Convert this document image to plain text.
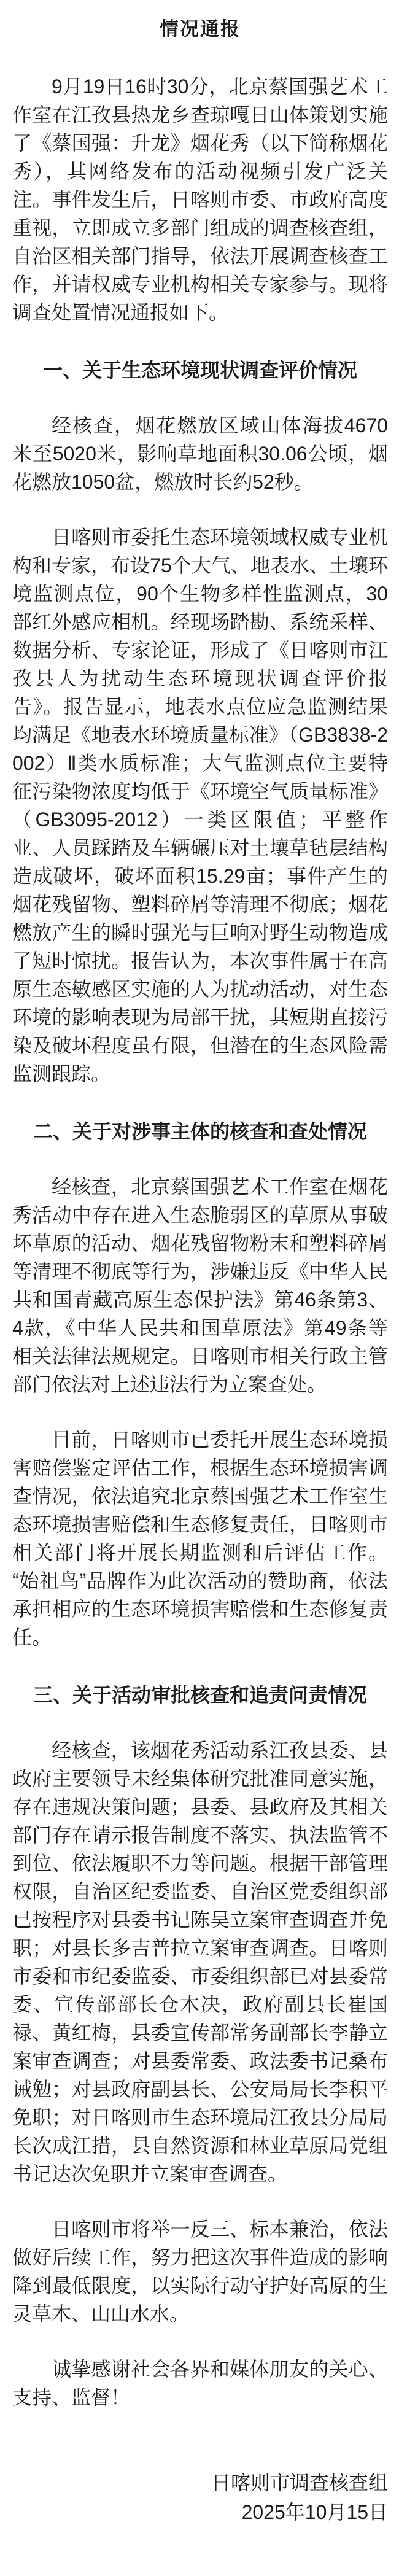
情况通报

9月19日16时30分，北京蔡国强艺术工作室在江孜县热龙乡查琼嘎日山体策划实施了《蔡国强：升龙》烟花秀（以下简称烟花秀），其网络发布的活动视频引发广泛关注。事件发生后，日喀则市委、市政府高度重视，立即成立多部门组成的调查核查组，自治区相关部门指导，依法开展调查核查工作，并请权威专业机构相关专家参与。现将调查处置情况通报如下。

一、关于生态环境现状调查评价情况

经核查，烟花燃放区域山体海拔4670米至5020米，影响草地面积30.06公顷，烟花燃放1050盆，燃放时长约52秒。

日喀则市委托生态环境领域权威专业机构和专家，布设75个大气、地表水、土壤环境监测点位，90个生物多样性监测点，30部红外感应相机。经现场踏勘、系统采样、数据分析、专家论证，形成了《日喀则市江孜县人为扰动生态环境现状调查评价报告》。报告显示，地表水点位应急监测结果均满足《地表水环境质量标准》（GB3838-2002）Ⅱ类水质标准；大气监测点位主要特征污染物浓度均低于《环境空气质量标准》（GB3095-2012）一类区限值；平整作业、人员踩踏及车辆碾压对土壤草毡层结构造成破坏，破坏面积15.29亩；事件产生的烟花残留物、塑料碎屑等清理不彻底；烟花燃放产生的瞬时强光与巨响对野生动物造成了短时惊扰。报告认为，本次事件属于在高原生态敏感区实施的人为扰动活动，对生态环境的影响表现为局部干扰，其短期直接污染及破坏程度虽有限，但潜在的生态风险需监测跟踪。

二、关于对涉事主体的核查和查处情况

经核查，北京蔡国强艺术工作室在烟花秀活动中存在进入生态脆弱区的草原从事破坏草原的活动、烟花残留物粉末和塑料碎屑等清理不彻底等行为，涉嫌违反《中华人民共和国青藏高原生态保护法》第46条第3、4款，《中华人民共和国草原法》第49条等相关法律法规规定。日喀则市相关行政主管部门依法对上述违法行为立案查处。

目前，日喀则市已委托开展生态环境损害赔偿鉴定评估工作，根据生态环境损害调查情况，依法追究北京蔡国强艺术工作室生态环境损害赔偿和生态修复责任，日喀则市相关部门将开展长期监测和后评估工作。“始祖鸟”品牌作为此次活动的赞助商，依法承担相应的生态环境损害赔偿和生态修复责任。

三、关于活动审批核查和追责问责情况

经核查，该烟花秀活动系江孜县委、县政府主要领导未经集体研究批准同意实施，存在违规决策问题；县委、县政府及其相关部门存在请示报告制度不落实、执法监管不到位、依法履职不力等问题。根据干部管理权限，自治区纪委监委、自治区党委组织部已按程序对县委书记陈昊立案审查调查并免职；对县长多吉普拉立案审查调查。日喀则市委和市纪委监委、市委组织部已对县委常委、宣传部部长仓木决，政府副县长崔国禄、黄红梅，县委宣传部常务副部长李静立案审查调查；对县委常委、政法委书记桑布诫勉；对县政府副县长、公安局局长李积平免职；对日喀则市生态环境局江孜县分局局长次成江措，县自然资源和林业草原局党组书记达次免职并立案审查调查。

日喀则市将举一反三、标本兼治，依法做好后续工作，努力把这次事件造成的影响降到最低限度，以实际行动守护好高原的生灵草木、山山水水。

诚挚感谢社会各界和媒体朋友的关心、支持、监督！

日喀则市调查核查组

2025年10月15日
